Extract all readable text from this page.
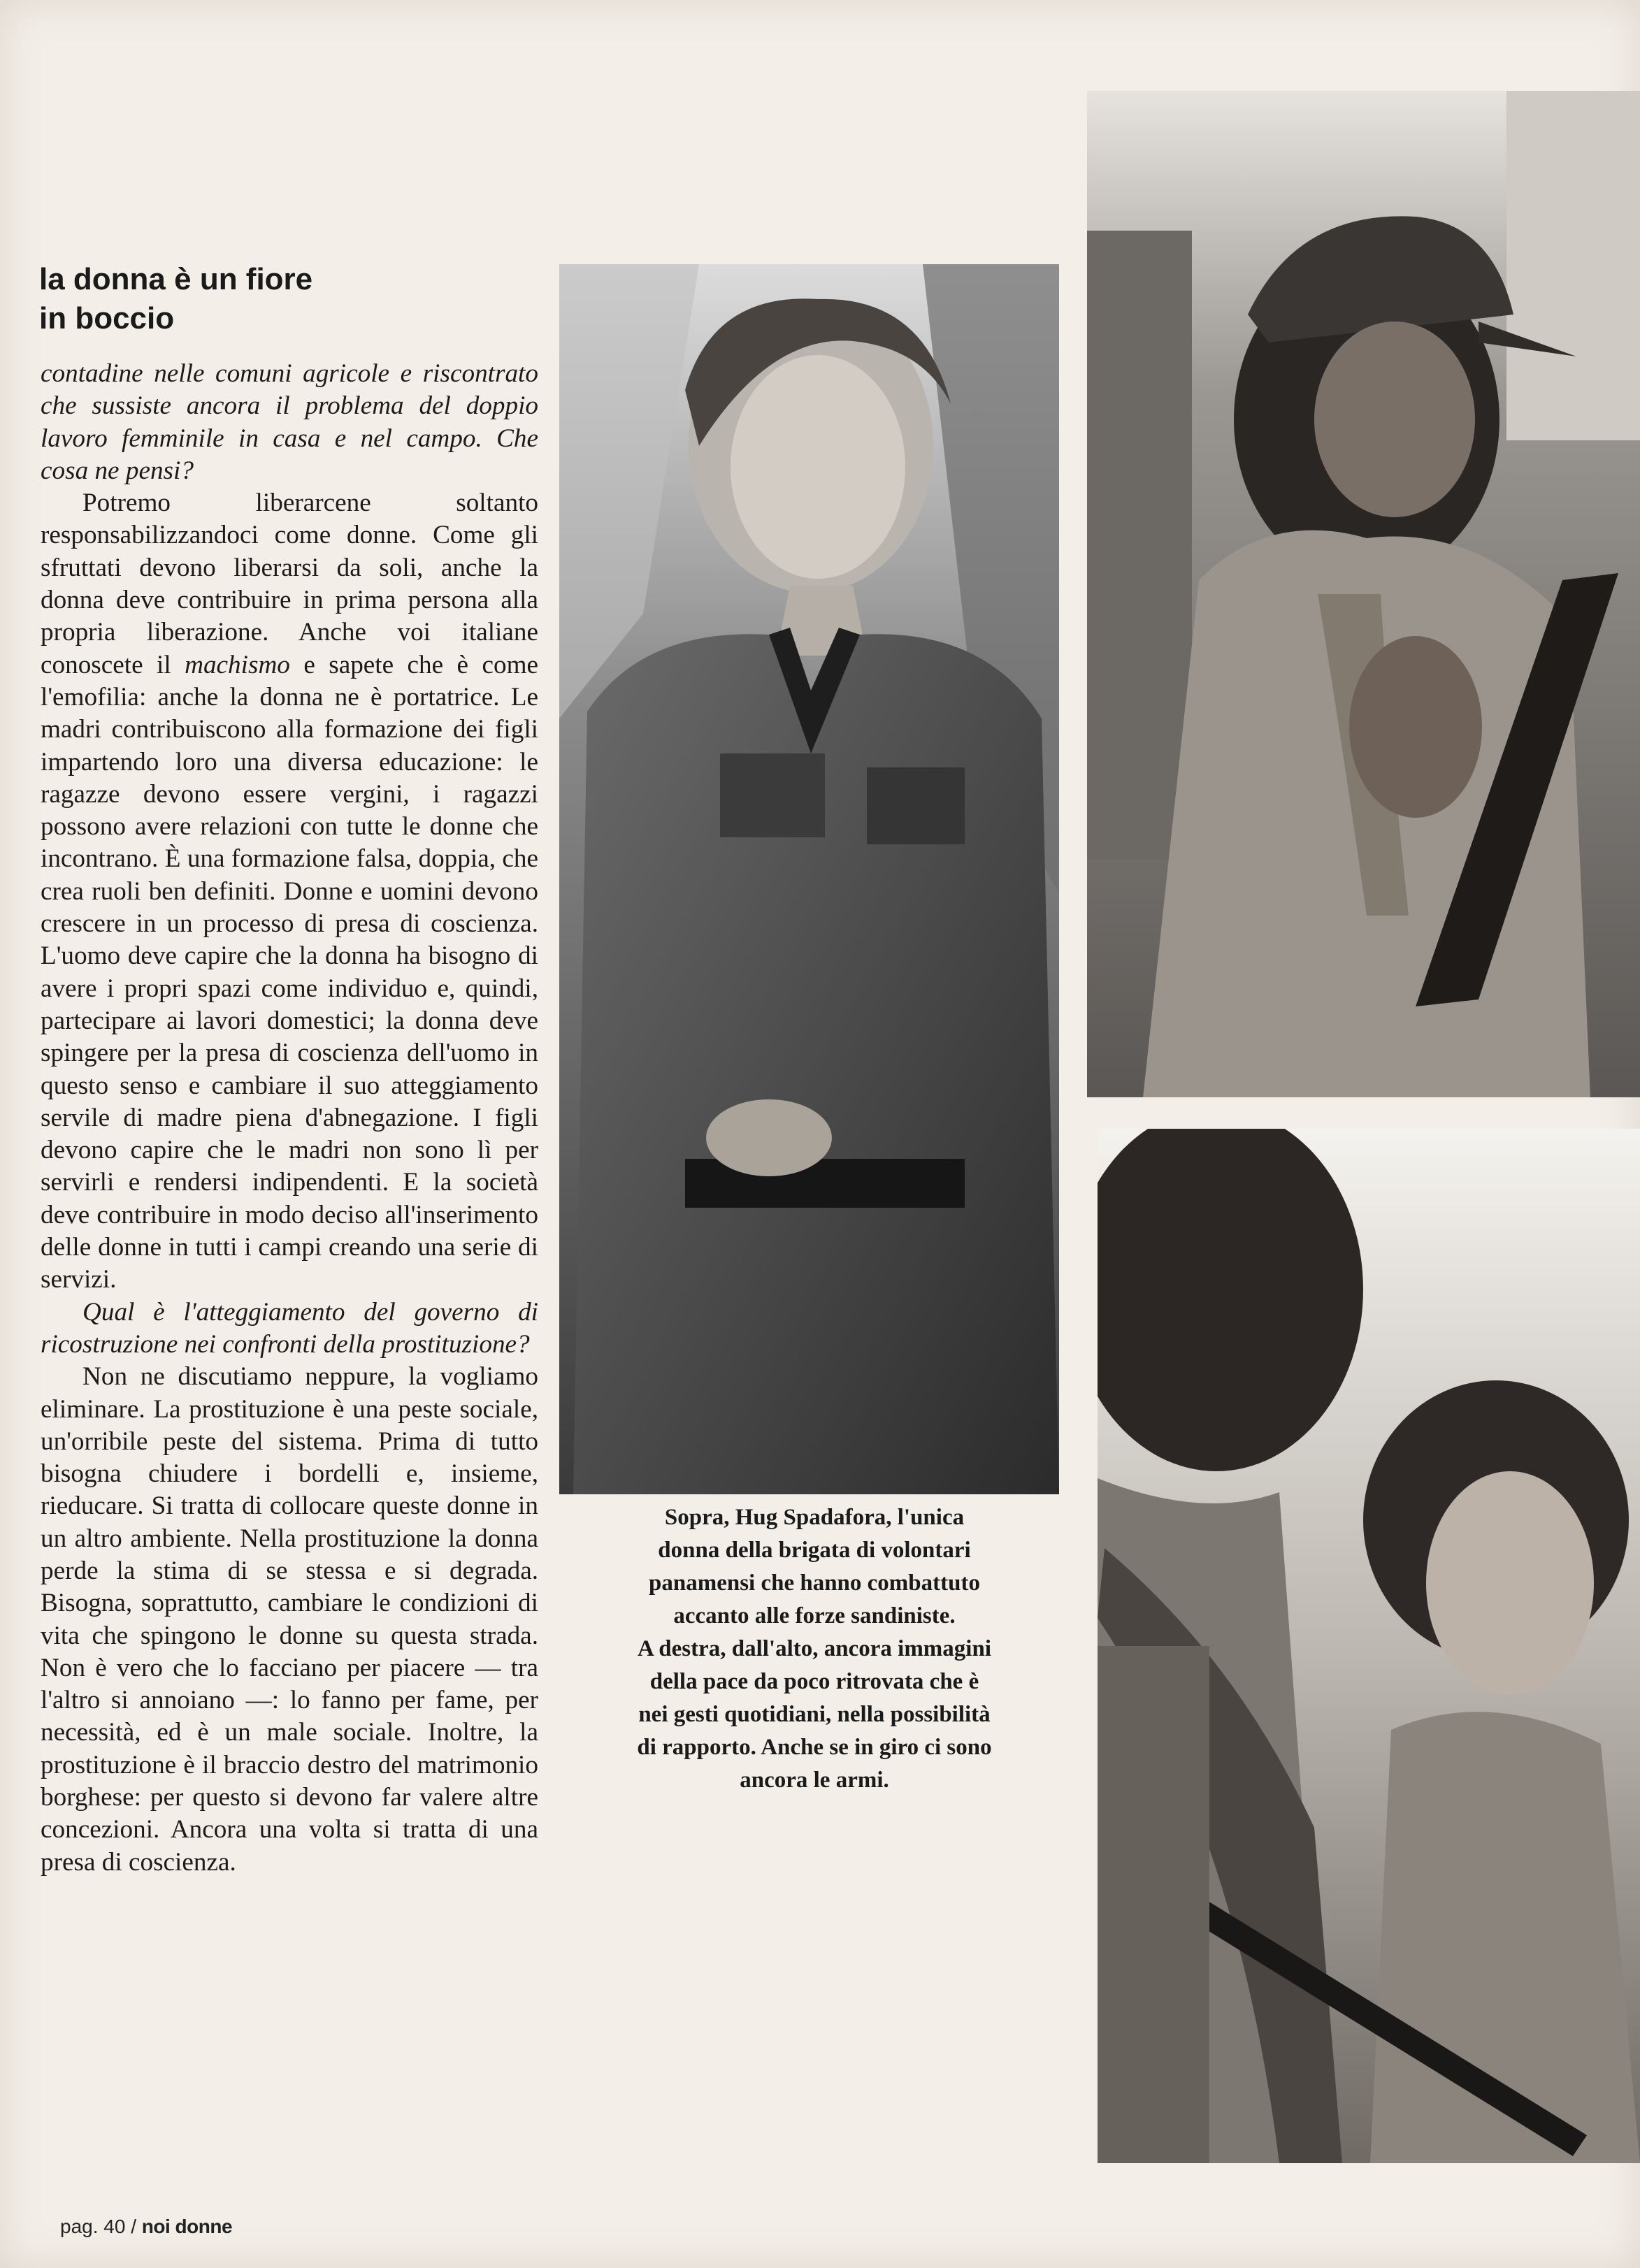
la donna è un fiore
in boccio

contadine nelle comuni agricole e riscontrato che sussiste ancora il problema del doppio lavoro femminile in casa e nel campo. Che cosa ne pensi?

Potremo liberarcene soltanto responsabilizzandoci come donne. Come gli sfruttati devono liberarsi da soli, anche la donna deve contribuire in prima persona alla propria liberazione. Anche voi italiane conoscete il machismo e sapete che è come l'emofilia: anche la donna ne è portatrice. Le madri contribuiscono alla formazione dei figli impartendo loro una diversa educazione: le ragazze devono essere vergini, i ragazzi possono avere relazioni con tutte le donne che incontrano. È una formazione falsa, doppia, che crea ruoli ben definiti. Donne e uomini devono crescere in un processo di presa di coscienza. L'uomo deve capire che la donna ha bisogno di avere i propri spazi come individuo e, quindi, partecipare ai lavori domestici; la donna deve spingere per la presa di coscienza dell'uomo in questo senso e cambiare il suo atteggiamento servile di madre piena d'abnegazione. I figli devono capire che le madri non sono lì per servirli e rendersi indipendenti. E la società deve contribuire in modo deciso all'inserimento delle donne in tutti i campi creando una serie di servizi.

Qual è l'atteggiamento del governo di ricostruzione nei confronti della prostituzione?

Non ne discutiamo neppure, la vogliamo eliminare. La prostituzione è una peste sociale, un'orribile peste del sistema. Prima di tutto bisogna chiudere i bordelli e, insieme, rieducare. Si tratta di collocare queste donne in un altro ambiente. Nella prostituzione la donna perde la stima di se stessa e si degrada. Bisogna, soprattutto, cambiare le condizioni di vita che spingono le donne su questa strada. Non è vero che lo facciano per piacere — tra l'altro si annoiano —: lo fanno per fame, per necessità, ed è un male sociale. Inoltre, la prostituzione è il braccio destro del matrimonio borghese: per questo si devono far valere altre concezioni. Ancora una volta si tratta di una presa di coscienza.

Sopra, Hug Spadafora, l'unica
donna della brigata di volontari
panamensi che hanno combattuto
accanto alle forze sandiniste.
A destra, dall'alto, ancora immagini
della pace da poco ritrovata che è
nei gesti quotidiani, nella possibilità
di rapporto. Anche se in giro ci sono
ancora le armi.
pag. 40 / noi donne
